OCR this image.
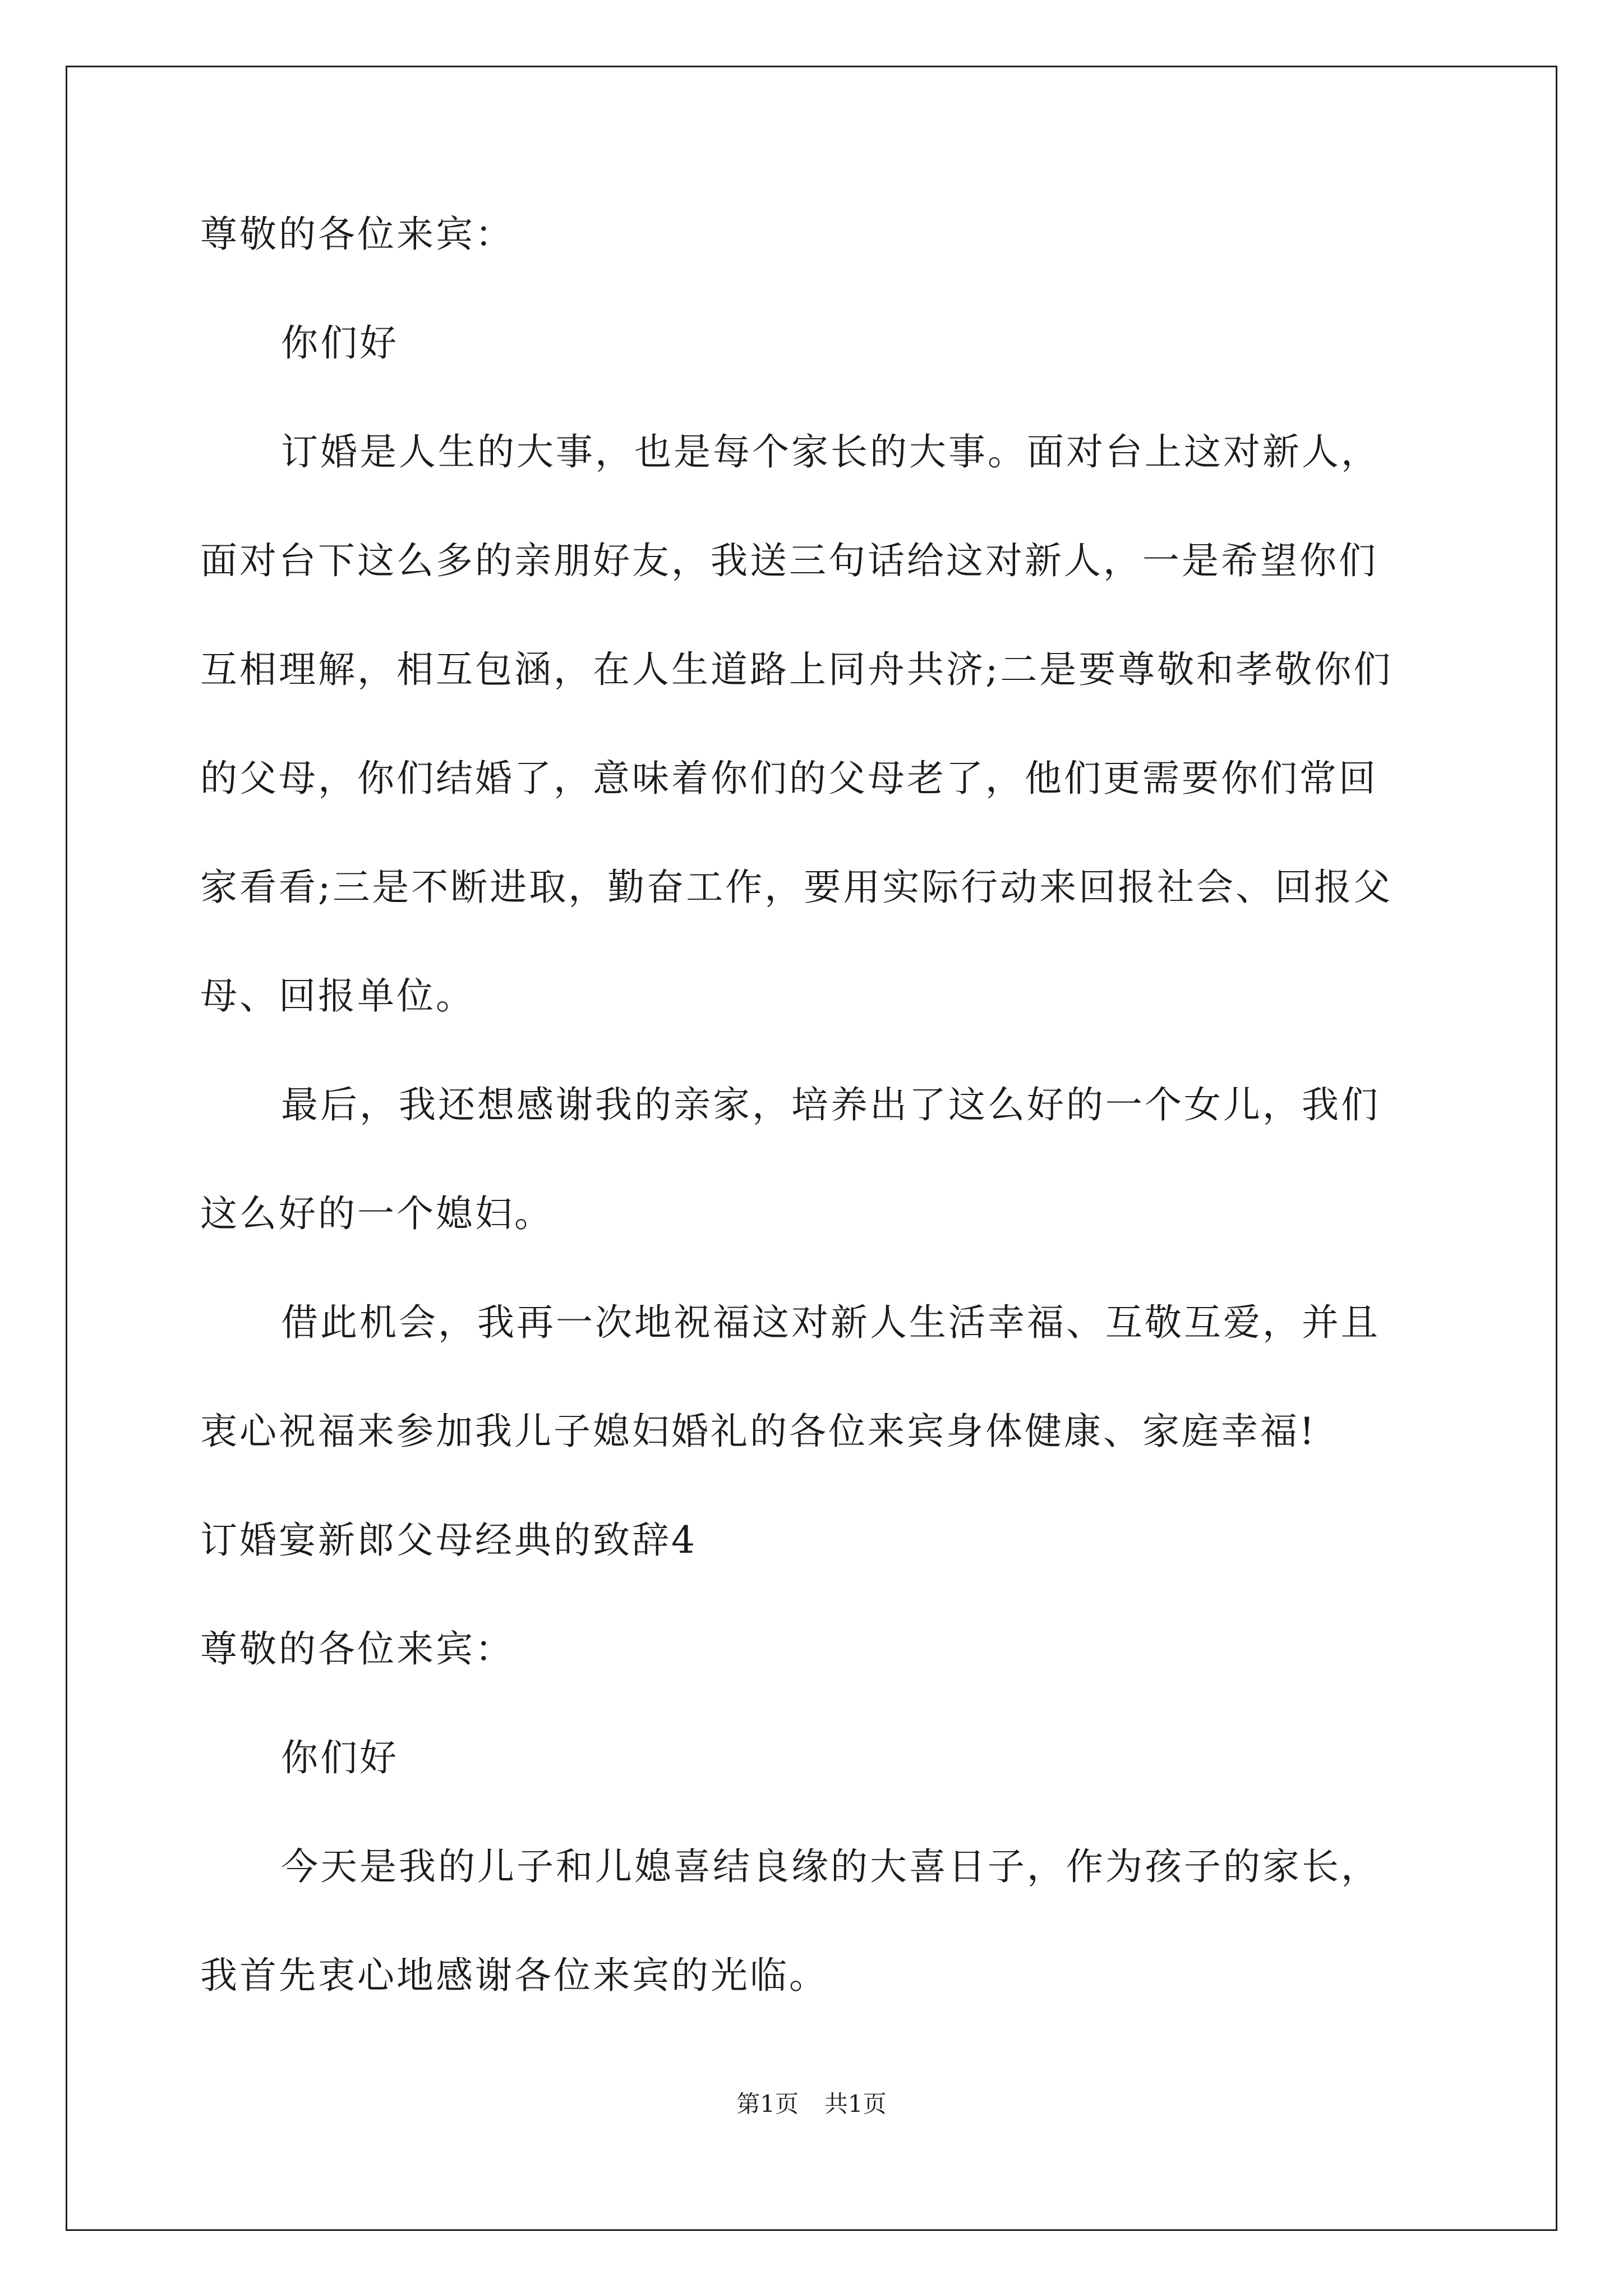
尊敬的各位来宾：
你们好
订婚是人生的大事，也是每个家长的大事。面对台上这对新人，
面对台下这么多的亲朋好友，我送三句话给这对新人，一是希望你们
互相理解，相互包涵，在人生道路上同舟共济;二是要尊敬和孝敬你们
的父母，你们结婚了，意味着你们的父母老了，他们更需要你们常回
家看看;三是不断进取，勤奋工作，要用实际行动来回报社会、回报父
母、回报单位。
最后，我还想感谢我的亲家，培养出了这么好的一个女儿，我们
这么好的一个媳妇。
借此机会，我再一次地祝福这对新人生活幸福、互敬互爱，并且
衷心祝福来参加我儿子媳妇婚礼的各位来宾身体健康、家庭幸福!
订婚宴新郎父母经典的致辞4
尊敬的各位来宾：
你们好
今天是我的儿子和儿媳喜结良缘的大喜日子，作为孩子的家长，
我首先衷心地感谢各位来宾的光临。
第1页 共1页
